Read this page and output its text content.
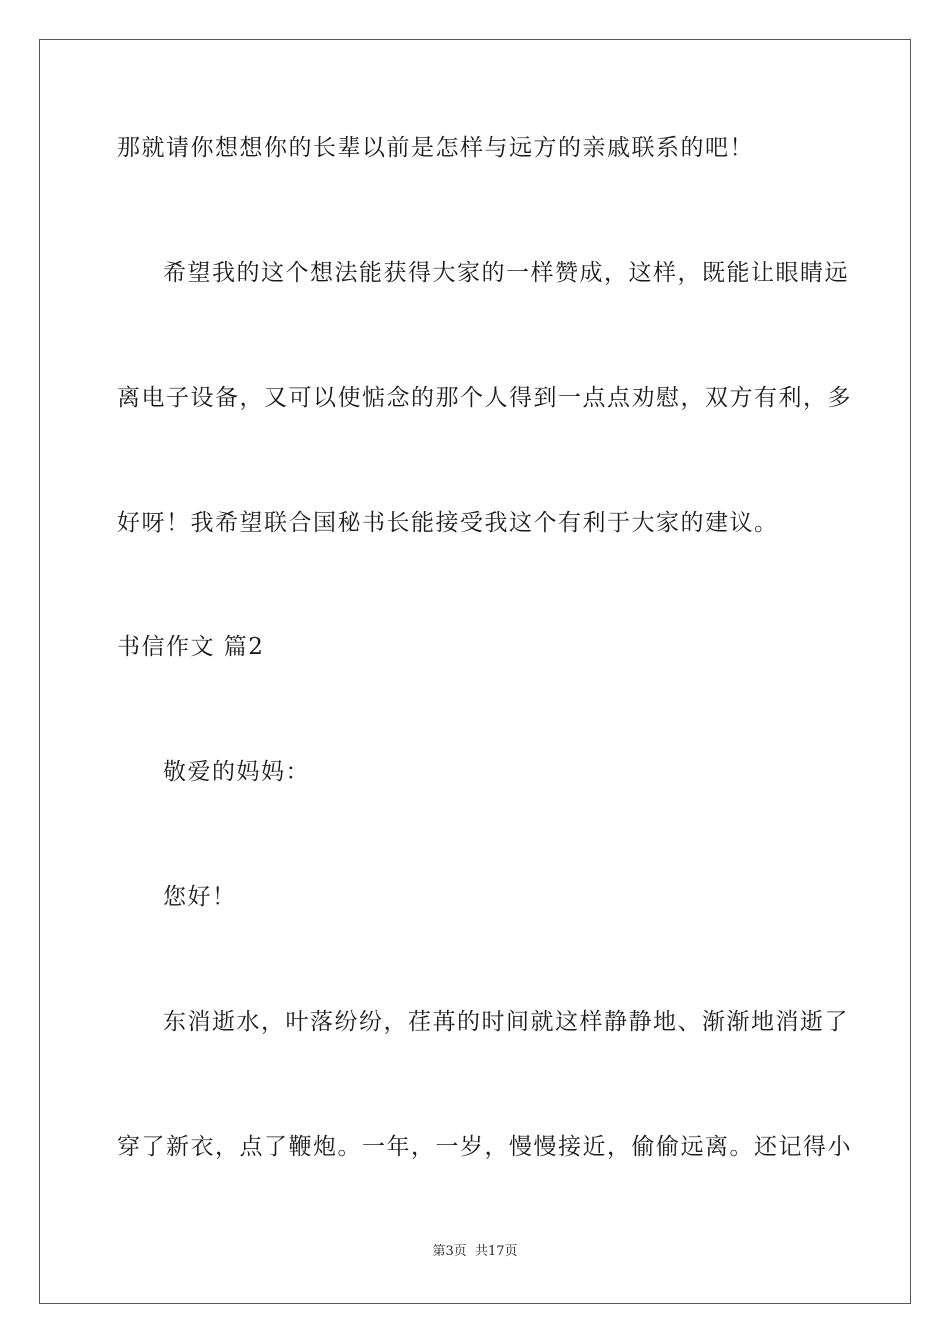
那就请你想想你的长辈以前是怎样与远方的亲戚联系的吧！
希望我的这个想法能获得大家的一样赞成，这样，既能让眼睛远
离电子设备，又可以使惦念的那个人得到一点点劝慰，双方有利，多
好呀！我希望联合国秘书长能接受我这个有利于大家的建议。
书信作文 篇2
敬爱的妈妈：
您好！
东消逝水，叶落纷纷，荏苒的时间就这样静静地、渐渐地消逝了
穿了新衣，点了鞭炮。一年，一岁，慢慢接近，偷偷远离。还记得小
第3页 共17页
